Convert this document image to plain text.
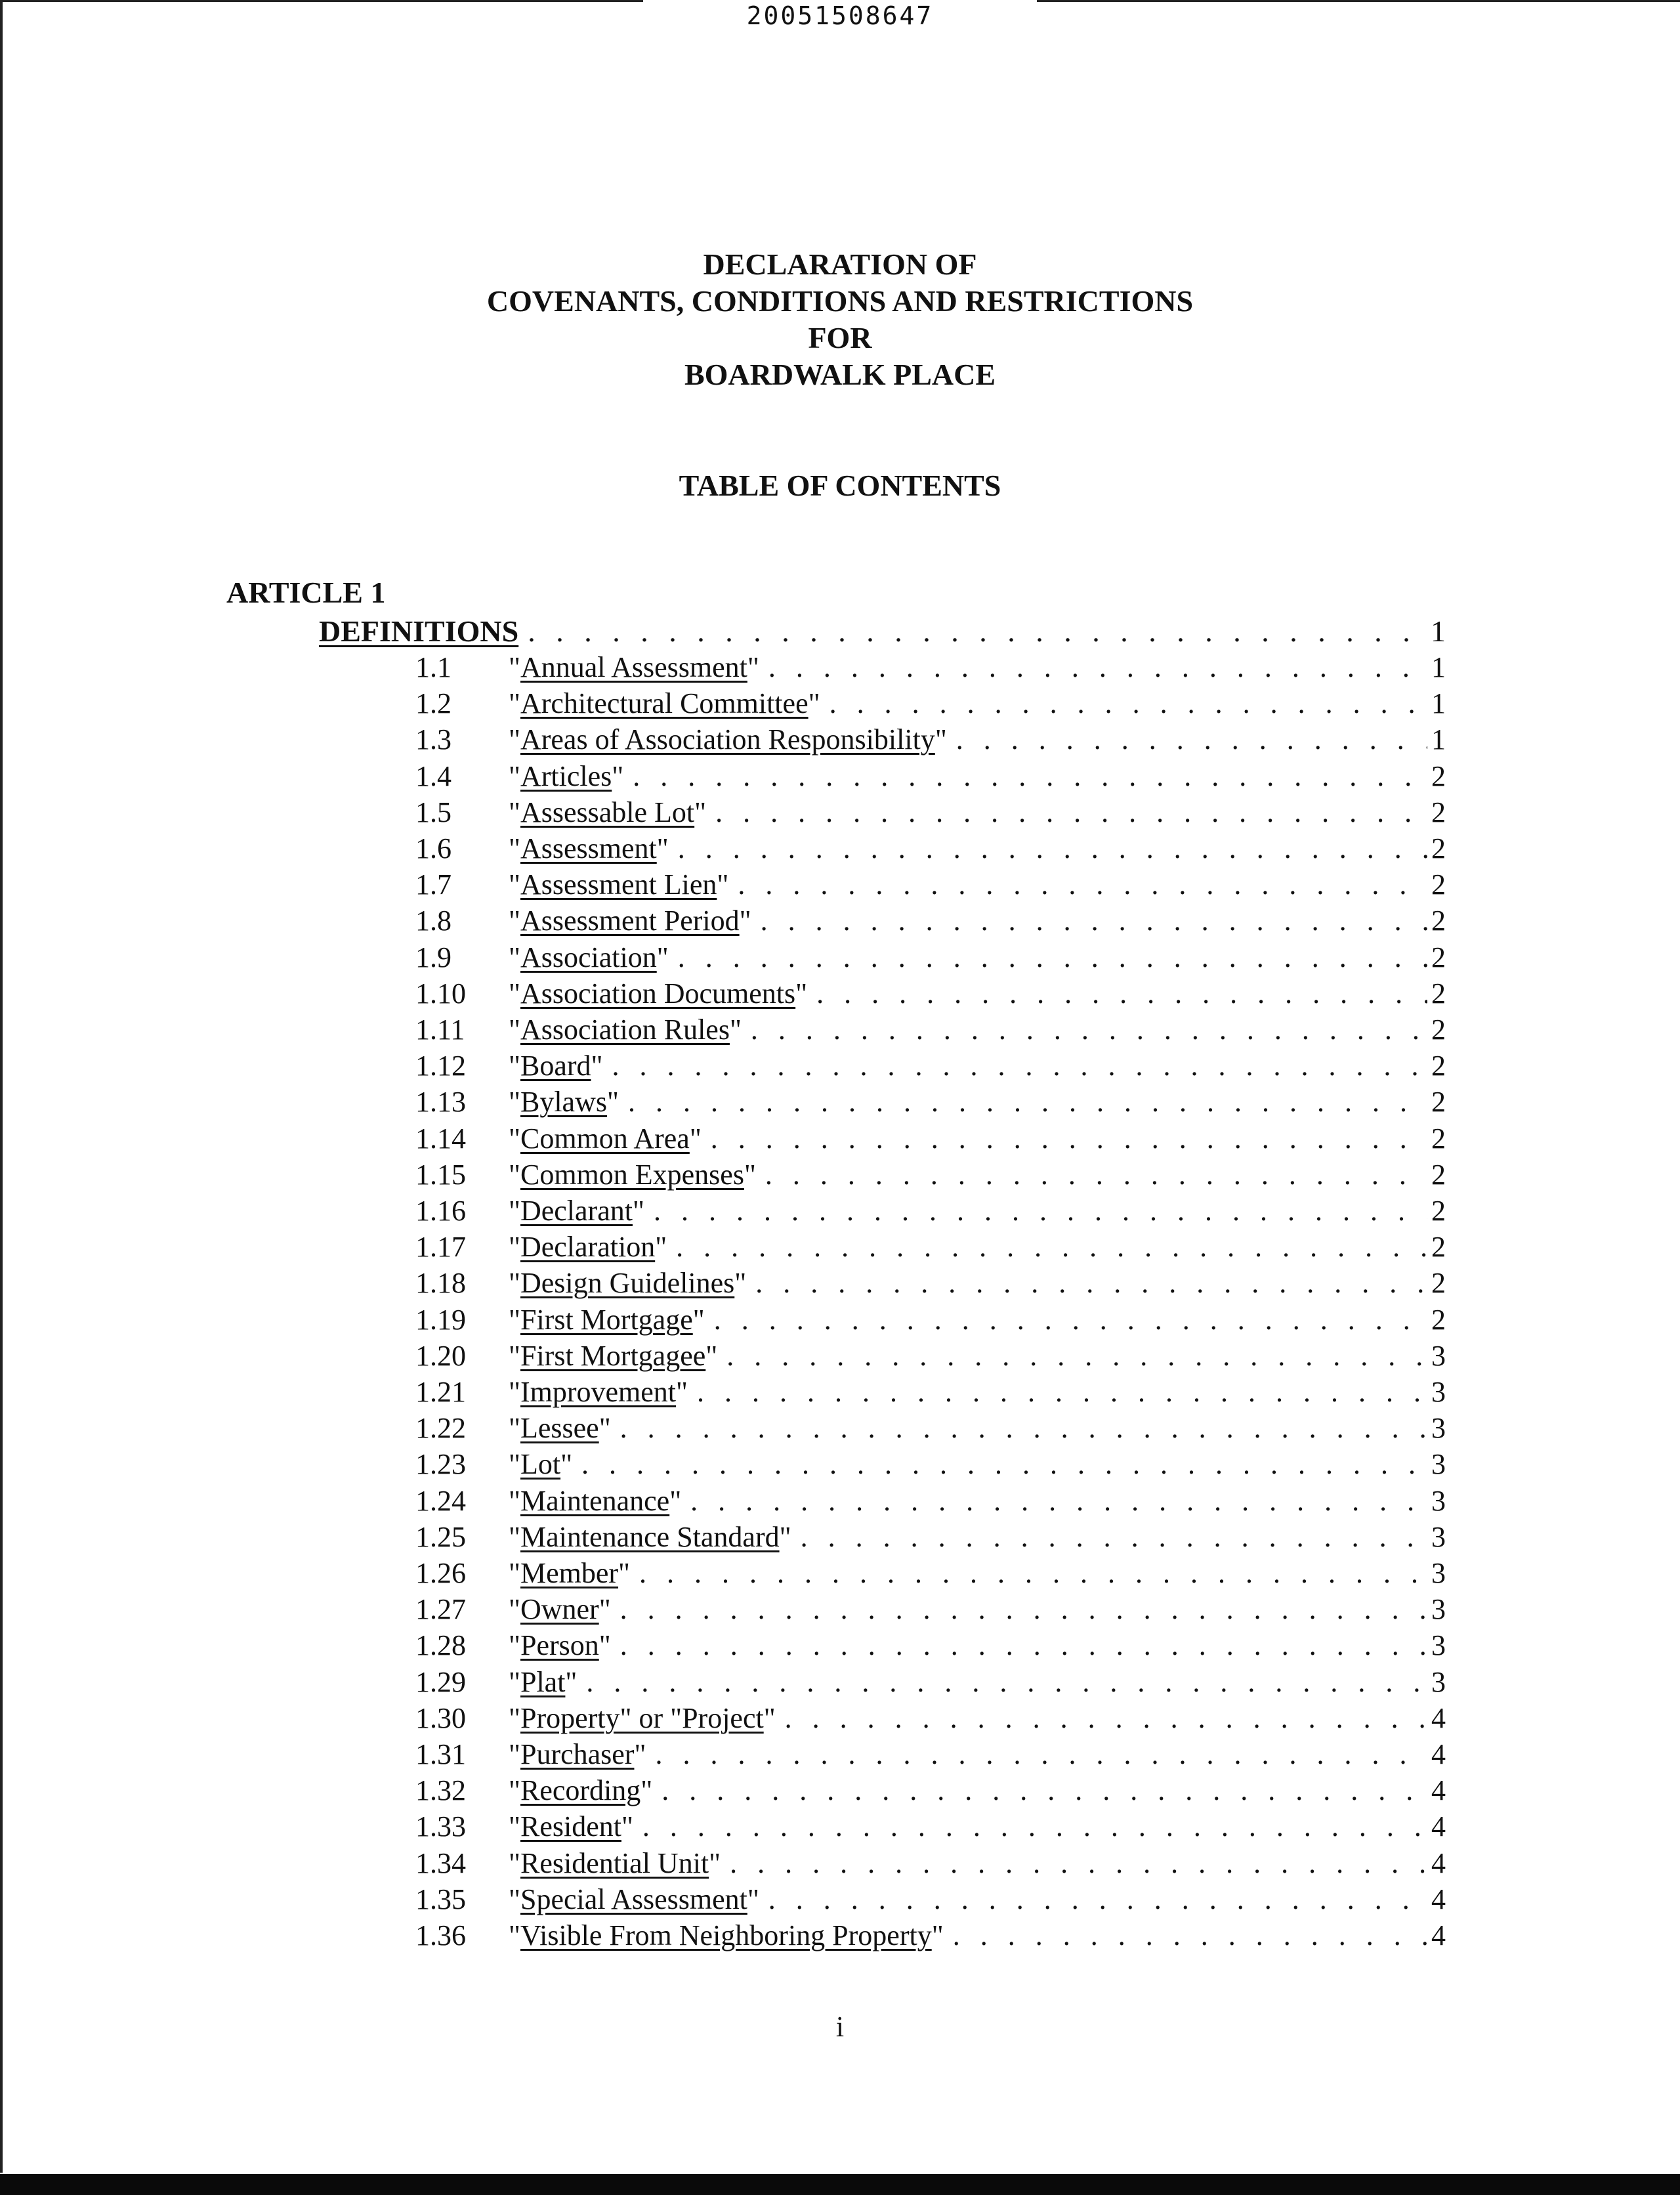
20051508647
DECLARATION OF
COVENANTS, CONDITIONS AND RESTRICTIONS
FOR
BOARDWALK PLACE
TABLE OF CONTENTS
ARTICLE 1
DEFINITIONS . . .	1
1.1	"Annual Assessment" . . .	1
1.2	"Architectural Committee" . . .	1
1.3	"Areas of Association Responsibility" . . .	1
1.4	"Articles" . . .	2
1.5	"Assessable Lot" . . .	2
1.6	"Assessment" . . .	2
1.7	"Assessment Lien" . . .	2
1.8	"Assessment Period" . . .	2
1.9	"Association" . . .	2
1.10	"Association Documents" . . .	2
1.11	"Association Rules" . . .	2
1.12	"Board" . . .	2
1.13	"Bylaws" . . .	2
1.14	"Common Area" . . .	2
1.15	"Common Expenses" . . .	2
1.16	"Declarant" . . .	2
1.17	"Declaration" . . .	2
1.18	"Design Guidelines" . . .	2
1.19	"First Mortgage" . . .	2
1.20	"First Mortgagee" . . .	3
1.21	"Improvement" . . .	3
1.22	"Lessee" . . .	3
1.23	"Lot" . . .	3
1.24	"Maintenance" . . .	3
1.25	"Maintenance Standard" . . .	3
1.26	"Member" . . .	3
1.27	"Owner" . . .	3
1.28	"Person" . . .	3
1.29	"Plat" . . .	3
1.30	"Property" or "Project" . . .	4
1.31	"Purchaser" . . .	4
1.32	"Recording" . . .	4
1.33	"Resident" . . .	4
1.34	"Residential Unit" . . .	4
1.35	"Special Assessment" . . .	4
1.36	"Visible From Neighboring Property" . . .	4
i
